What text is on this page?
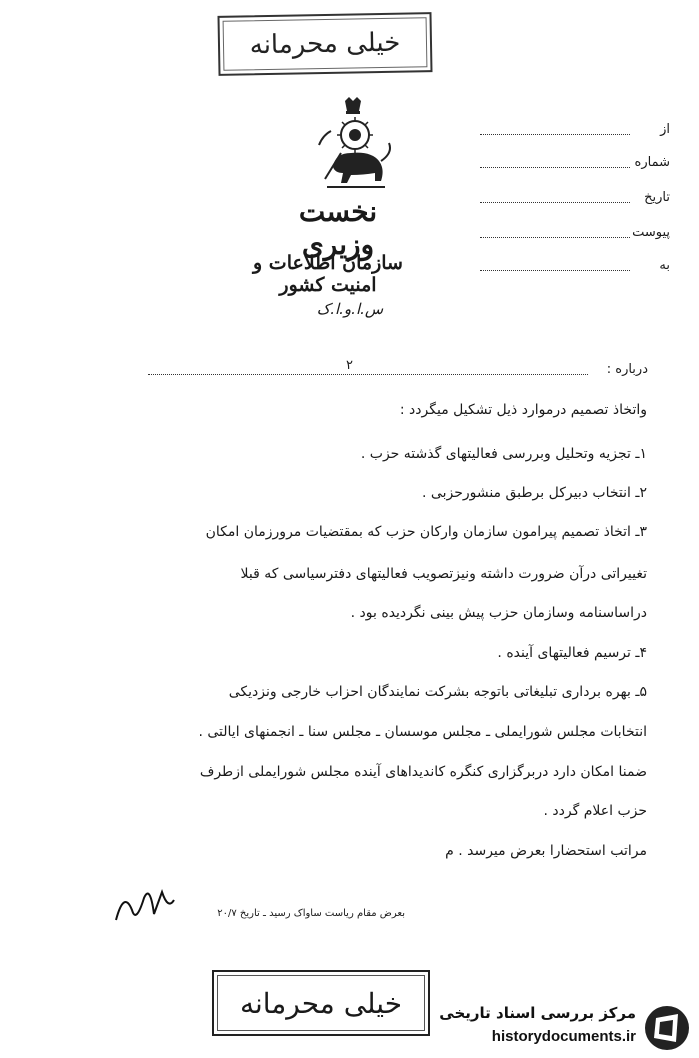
خیلی محرمانه
نخست وزیری
سازمان اطلاعات و امنیت کشور
س.ا.و.ا.ک
از
شماره
تاریخ
پیوست
به
درباره :
۲
واتخاذ تصمیم درموارد ذیل تشکیل میگردد :
۱ـ تجزیه وتحلیل وبررسی فعالیتهای گذشته حزب .
۲ـ انتخاب دبیرکل برطبق منشورحزبی .
۳ـ اتخاذ تصمیم پیرامون سازمان وارکان حزب که بمقتضیات مرورزمان امکان
تغییراتی درآن ضرورت داشته ونیزتصویب فعالیتهای دفترسیاسی که قبلا
دراساسنامه وسازمان حزب پیش بینی نگردیده بود .
۴ـ ترسیم فعالیتهای آینده .
۵ـ بهره برداری تبلیغاتی باتوجه بشرکت نمایندگان احزاب خارجی ونزدیکی
انتخابات مجلس شورایملی ـ مجلس موسسان ـ مجلس سنا ـ انجمنهای ایالتی .
ضمنا امکان دارد دربرگزاری کنگره کاندیداهای آینده مجلس شورایملی ازطرف
حزب اعلام گردد .
مراتب استحضارا بعرض میرسد . م
بعرض مقام ریاست ساواک رسید ـ تاریخ ۲۰/۷
خیلی محرمانه	مرکز بررسی اسناد تاریخی
historydocuments.ir
